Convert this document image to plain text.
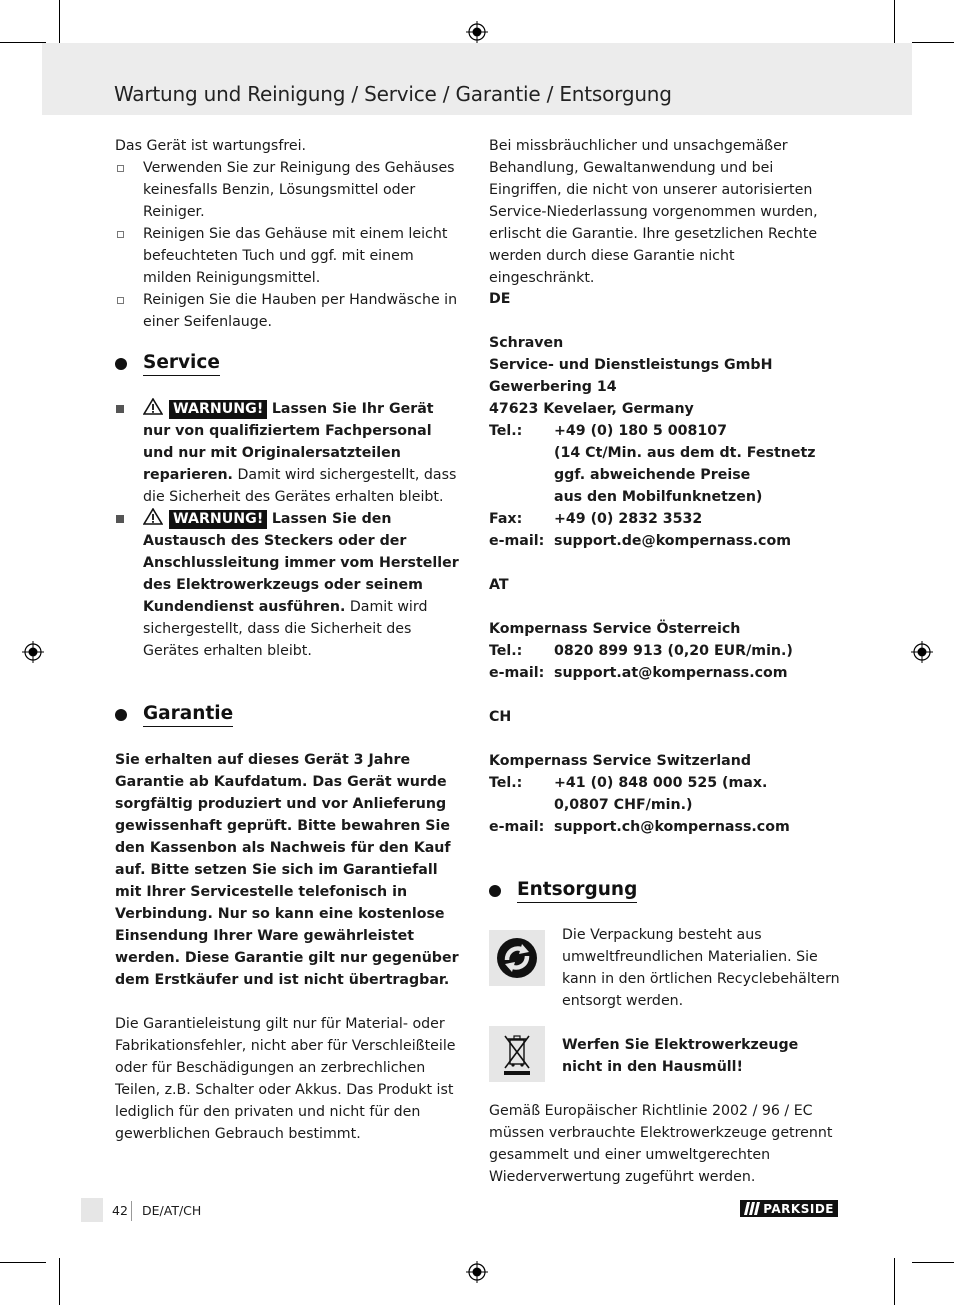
Wartung und Reinigung / Service / Garantie / Entsorgung

Das Gerät ist wartungsfrei.

Verwenden Sie zur Reinigung des Gehäuses keinesfalls Benzin, Lösungsmittel oder Reiniger.
Reinigen Sie das Gehäuse mit einem leicht befeuchteten Tuch und ggf. mit einem milden Reinigungsmittel.
Reinigen Sie die Hauben per Handwäsche in einer Seifenlauge.
Service
WARNUNG! Lassen Sie Ihr Gerät nur von qualifiziertem Fachpersonal und nur mit Originalersatzteilen reparieren. Damit wird sichergestellt, dass die Sicherheit des Gerätes erhalten bleibt.
WARNUNG! Lassen Sie den Austausch des Steckers oder der Anschlussleitung immer vom Hersteller des Elektrowerkzeugs oder seinem Kundendienst ausführen. Damit wird sichergestellt, dass die Sicherheit des Gerätes erhalten bleibt.
Garantie

Sie erhalten auf dieses Gerät 3 Jahre Garantie ab Kaufdatum. Das Gerät wurde sorgfältig produziert und vor Anlieferung gewissenhaft geprüft. Bitte bewahren Sie den Kassenbon als Nachweis für den Kauf auf. Bitte setzen Sie sich im Garantiefall mit Ihrer Servicestelle telefonisch in Verbindung. Nur so kann eine kostenlose Einsendung Ihrer Ware gewährleistet werden. Diese Garantie gilt nur gegenüber dem Erstkäufer und ist nicht übertragbar.

Die Garantieleistung gilt nur für Material- oder Fabrikationsfehler, nicht aber für Verschleißteile oder für Beschädigungen an zerbrechlichen Teilen, z.B. Schalter oder Akkus. Das Produkt ist lediglich für den privaten und nicht für den gewerblichen Gebrauch bestimmt.

Bei missbräuchlicher und unsachgemäßer Behandlung, Gewaltanwendung und bei Eingriffen, die nicht von unserer autorisierten Service-Niederlassung vorgenommen wurden, erlischt die Garantie. Ihre gesetzlichen Rechte werden durch diese Garantie nicht eingeschränkt.

DE

Schraven

Service- und Dienstleistungs GmbH

Gewerbering 14

47623 Kevelaer, Germany

Tel.:	+49 (0) 180 5 008107
(14 Ct/Min. aus dem dt. Festnetz
ggf. abweichende Preise
aus den Mobilfunknetzen)
Fax:	+49 (0) 2832 3532
e-mail: support.de@kompernass.com

AT

Kompernass Service Österreich

Tel.:	0820 899 913 (0,20 EUR/min.)
e-mail: support.at@kompernass.com

CH

Kompernass Service Switzerland

Tel.:	+41 (0) 848 000 525 (max.
0,0807 CHF/min.)
e-mail: support.ch@kompernass.com
Entsorgung

Die Verpackung besteht aus umweltfreundlichen Materialien. Sie kann in den örtlichen Recyclebehältern entsorgt werden.

Werfen Sie Elektrowerkzeuge nicht in den Hausmüll!

Gemäß Europäischer Richtlinie 2002 / 96 / EC müssen verbrauchte Elektrowerkzeuge getrennt gesammelt und einer umweltgerechten Wiederverwertung zugeführt werden.

42 DE/AT/CH	PARKSIDE
